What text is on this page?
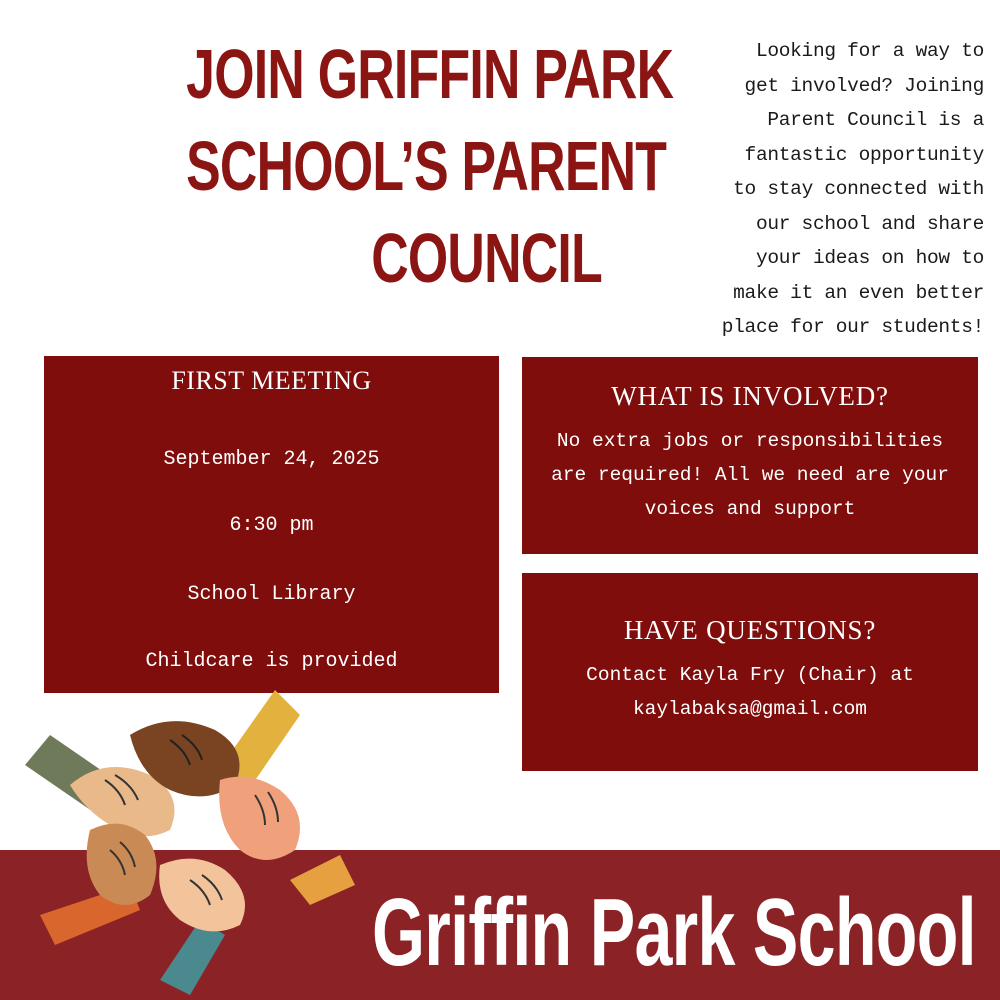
JOIN GRIFFIN PARK
SCHOOL’S PARENT
COUNCIL
Looking for a way to
get involved? Joining
Parent Council is a
fantastic opportunity
to stay connected with
our school and share
your ideas on how to
make it an even better
place for our students!
FIRST MEETING
September 24, 2025
6:30 pm
School Library
Childcare is provided
WHAT IS INVOLVED?
No extra jobs or responsibilities
are required! All we need are your
voices and support
HAVE QUESTIONS?
Contact Kayla Fry (Chair) at
kaylabaksa@gmail.com
Griffin Park School
